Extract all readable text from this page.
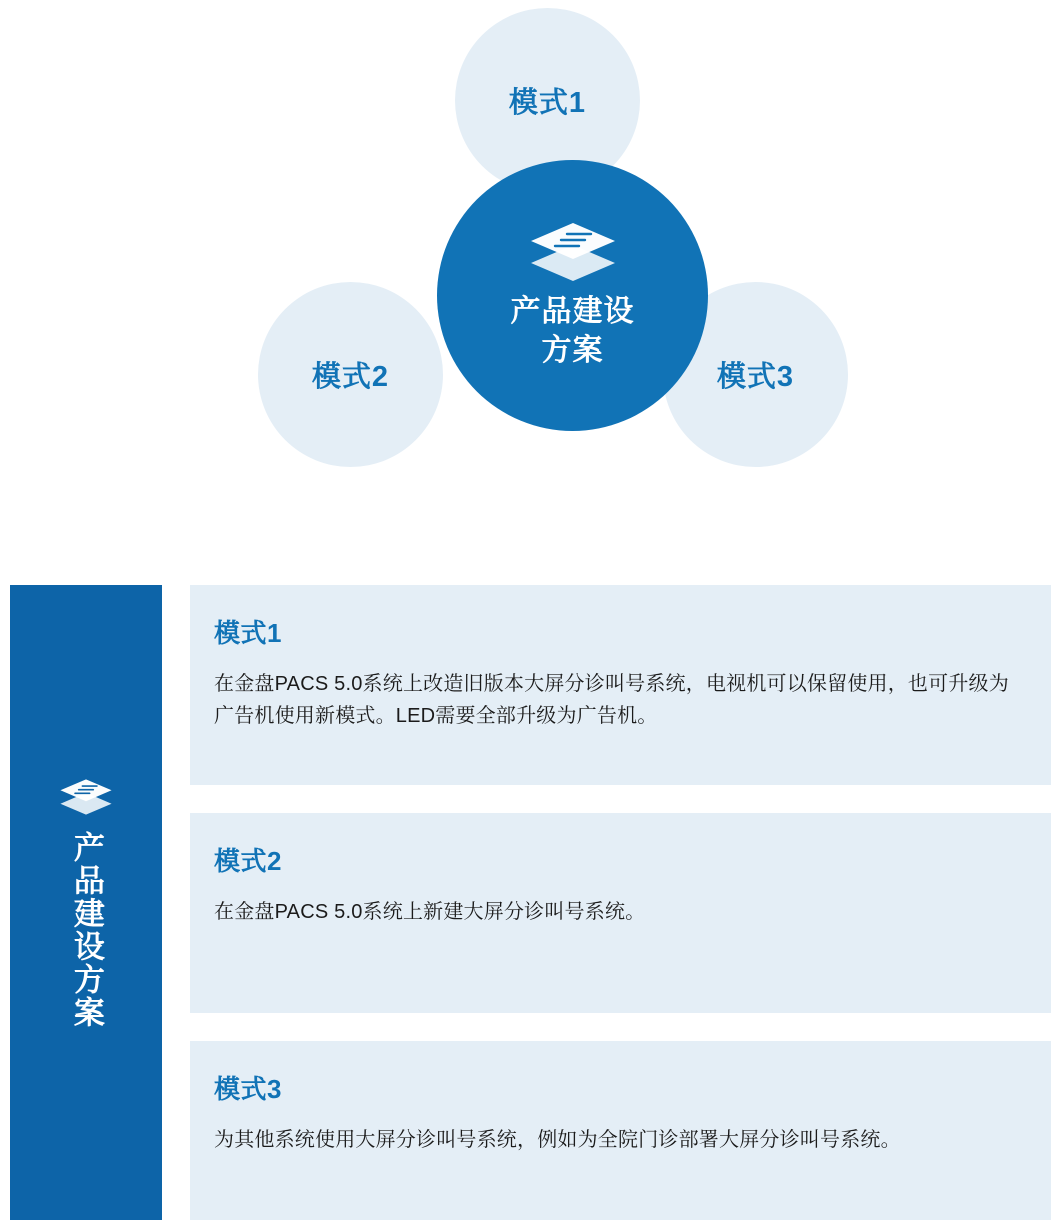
模式1
模式2	模式3
产品建设
方案
产品建设方案
模式1

在金盘PACS 5.0系统上改造旧版本大屏分诊叫号系统，电视机可以保留使用，也可升级为广告机使用新模式。LED需要全部升级为广告机。

模式2

在金盘PACS 5.0系统上新建大屏分诊叫号系统。

模式3

为其他系统使用大屏分诊叫号系统，例如为全院门诊部署大屏分诊叫号系统。
